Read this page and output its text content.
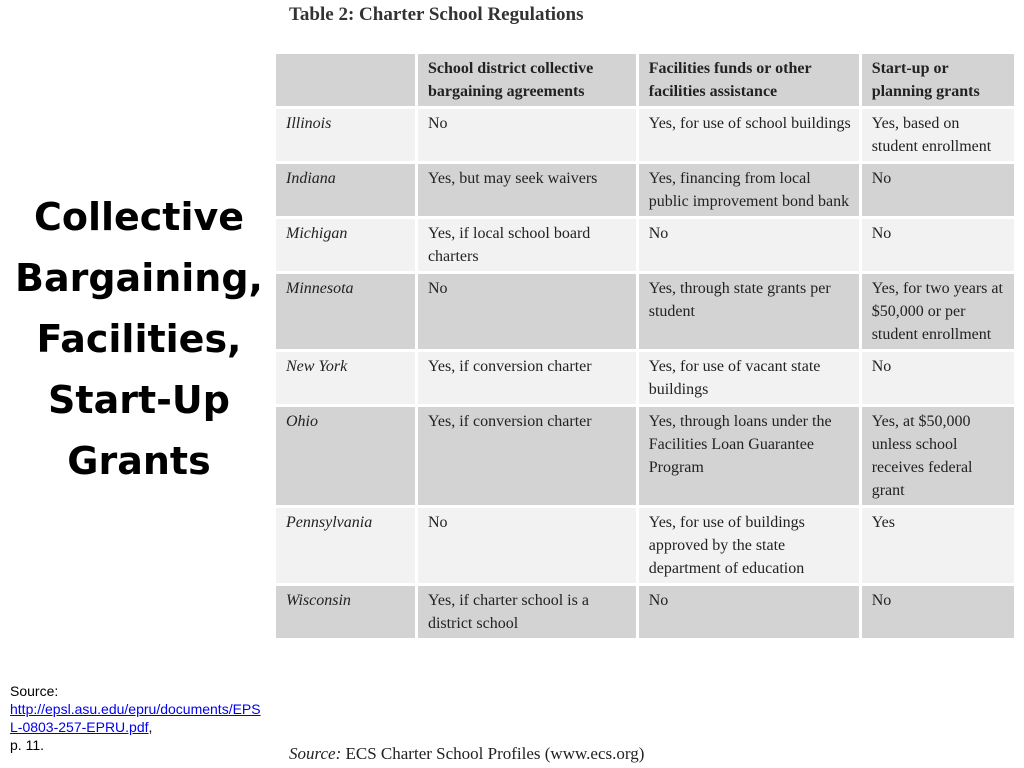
Collective
Bargaining,
Facilities,
Start-Up
Grants
Source:
http://epsl.asu.edu/epru/documents/EPSL-0803-257-EPRU.pdf,
p. 11.
Table 2: Charter School Regulations
	School district collective bargaining agreements	Facilities funds or other facilities assistance	Start-up or planning grants
Illinois	No	Yes, for use of school buildings	Yes, based on student enrollment
Indiana	Yes, but may seek waivers	Yes, financing from local public improvement bond bank	No
Michigan	Yes, if local school board charters	No	No
Minnesota	No	Yes, through state grants per student	Yes, for two years at $50,000 or per student enrollment
New York	Yes, if conversion charter	Yes, for use of vacant state buildings	No
Ohio	Yes, if conversion charter	Yes, through loans under the Facilities Loan Guarantee Program	Yes, at $50,000 unless school receives federal grant
Pennsylvania	No	Yes, for use of buildings approved by the state department of education	Yes
Wisconsin	Yes, if charter school is a district school	No	No
Source: ECS Charter School Profiles (www.ecs.org)
